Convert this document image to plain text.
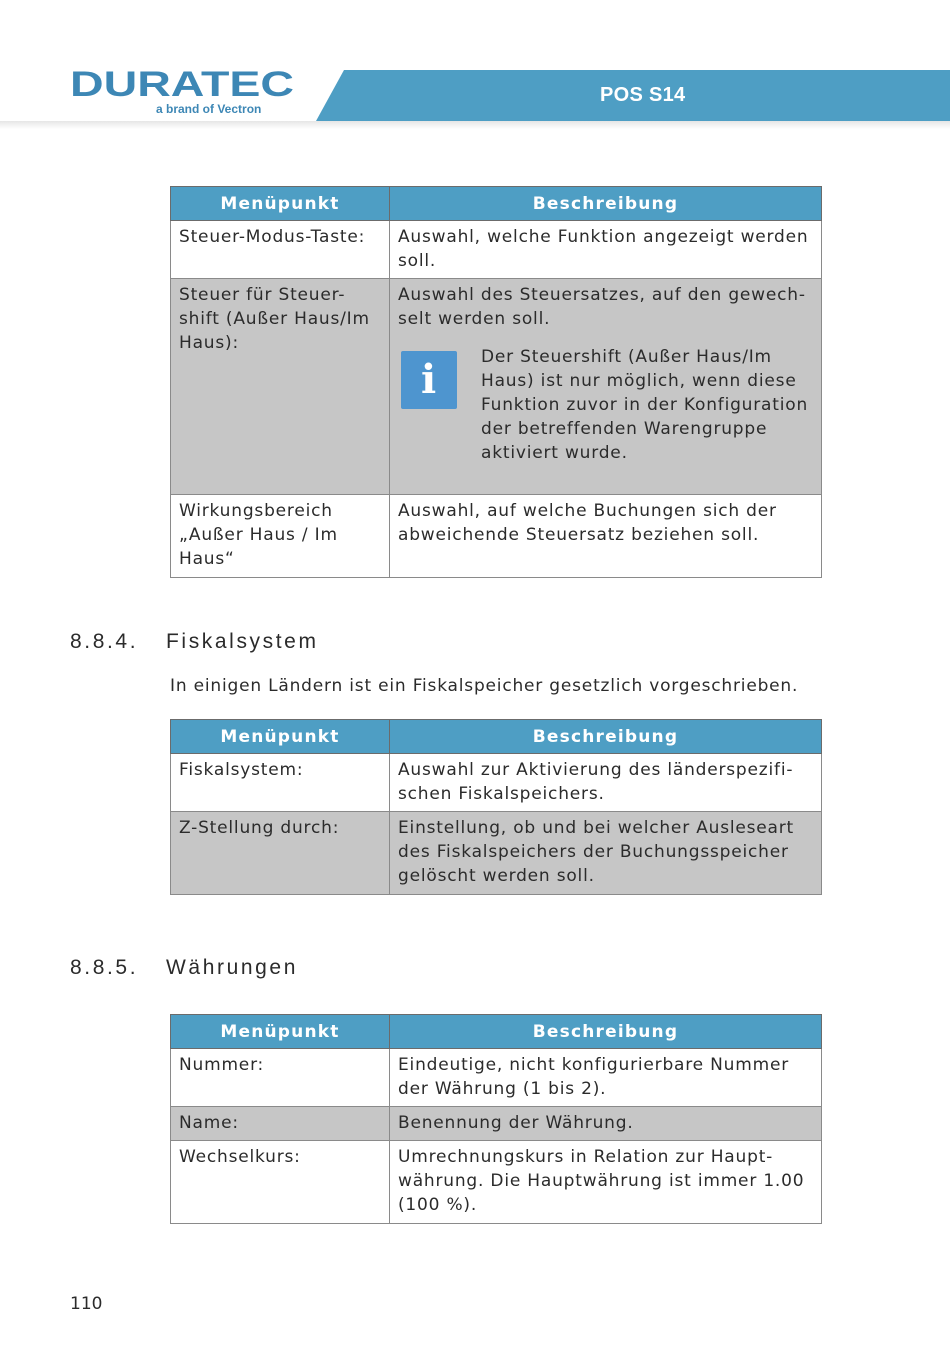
DURATEC
a brand of Vectron
POS S14
Menüpunkt	Beschreibung
Steuer-Modus-Taste:	Auswahl, welche Funktion angezeigt werden soll.
Steuer für Steuer-shift (Außer Haus/Im Haus):	Auswahl des Steuersatzes, auf den gewech-selt werden soll.
i Der Steuershift (Außer Haus/Im Haus) ist nur möglich, wenn diese Funktion zuvor in der Konfiguration der betreffenden Warengruppe aktiviert wurde.

Wirkungsbereich „Außer Haus / Im Haus“	Auswahl, auf welche Buchungen sich der abweichende Steuersatz beziehen soll.
8.8.4. Fiskalsystem

In einigen Ländern ist ein Fiskalspeicher gesetzlich vorgeschrieben.

Menüpunkt	Beschreibung
Fiskalsystem:	Auswahl zur Aktivierung des länderspezifi-schen Fiskalspeichers.
Z-Stellung durch:	Einstellung, ob und bei welcher Ausleseart des Fiskalspeichers der Buchungsspeicher gelöscht werden soll.
8.8.5. Währungen
Menüpunkt	Beschreibung
Nummer:	Eindeutige, nicht konfigurierbare Nummer der Währung (1 bis 2).
Name:	Benennung der Währung.
Wechselkurs:	Umrechnungskurs in Relation zur Haupt-währung. Die Hauptwährung ist immer 1.00 (100 %).
110
